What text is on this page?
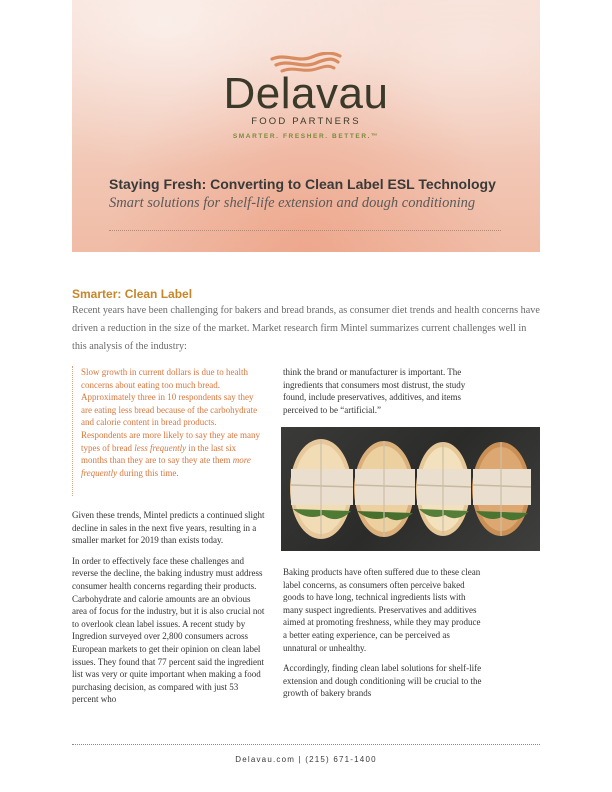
Delavau
FOOD PARTNERS
SMARTER. FRESHER. BETTER.™
Staying Fresh: Converting to Clean Label ESL Technology
Smart solutions for shelf-life extension and dough conditioning
Smarter: Clean Label
Recent years have been challenging for bakers and bread brands, as consumer diet trends and health concerns have driven a reduction in the size of the market. Market research firm Mintel summarizes current challenges well in this analysis of the industry:
Slow growth in current dollars is due to health concerns about eating too much bread. Approximately three in 10 respondents say they are eating less bread because of the carbohydrate and calorie content in bread products. Respondents are more likely to say they ate many types of bread less frequently in the last six months than they are to say they ate them more frequently during this time.

Given these trends, Mintel predicts a continued slight decline in sales in the next five years, resulting in a smaller market for 2019 than exists today.

In order to effectively face these challenges and reverse the decline, the baking industry must address consumer health concerns regarding their products. Carbohydrate and calorie amounts are an obvious area of focus for the industry, but it is also crucial not to overlook clean label issues. A recent study by Ingredion surveyed over 2,800 consumers across European markets to get their opinion on clean label issues. They found that 77 percent said the ingredient list was very or quite important when making a food purchasing decision, as compared with just 53 percent who

think the brand or manufacturer is important. The ingredients that consumers most distrust, the study found, include preservatives, additives, and items perceived to be “artificial.”

Baking products have often suffered due to these clean label concerns, as consumers often perceive baked goods to have long, technical ingredients lists with many suspect ingredients. Preservatives and additives aimed at promoting freshness, while they may produce a better eating experience, can be perceived as unnatural or unhealthy.

Accordingly, finding clean label solutions for shelf-life extension and dough conditioning will be crucial to the growth of bakery brands

Delavau.com | (215) 671-1400
